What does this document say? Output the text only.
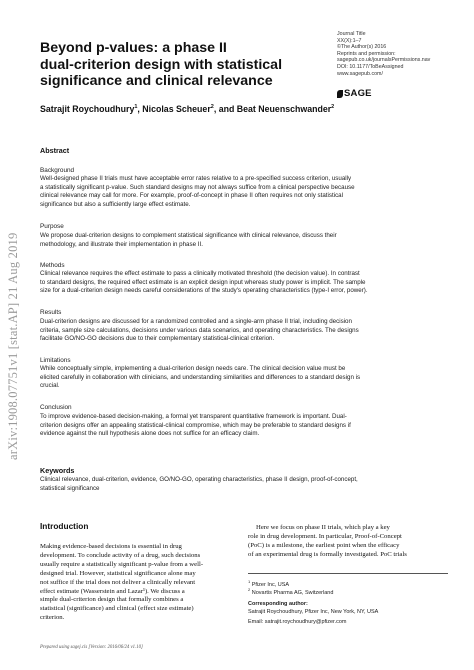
arXiv:1908.07751v1 [stat.AP] 21 Aug 2019
Beyond p-values: a phase II
dual-criterion design with statistical
significance and clinical relevance
Journal Title
XX(X):1–7
©The Author(s) 2016
Reprints and permission:
sagepub.co.uk/journalsPermissions.nav
DOI: 10.1177/ToBeAssigned
www.sagepub.com/
SAGE
Satrajit Roychoudhury$^1$, Nicolas Scheuer$^2$, and Beat Neuenschwander$^2$
Abstract
Background
Well-designed phase II trials must have acceptable error rates relative to a pre-specified success criterion, usually
a statistically significant p-value. Such standard designs may not always suffice from a clinical perspective because
clinical relevance may call for more. For example, proof-of-concept in phase II often requires not only statistical
significance but also a sufficiently large effect estimate.
Purpose
We propose dual-criterion designs to complement statistical significance with clinical relevance, discuss their
methodology, and illustrate their implementation in phase II.
Methods
Clinical relevance requires the effect estimate to pass a clinically motivated threshold (the decision value). In contrast
to standard designs, the required effect estimate is an explicit design input whereas study power is implicit. The sample
size for a dual-criterion design needs careful considerations of the study's operating characteristics (type-I error, power).
Results
Dual-criterion designs are discussed for a randomized controlled and a single-arm phase II trial, including decision
criteria, sample size calculations, decisions under various data scenarios, and operating characteristics. The designs
facilitate GO/NO-GO decisions due to their complementary statistical-clinical criterion.
Limitations
While conceptually simple, implementing a dual-criterion design needs care. The clinical decision value must be
elicited carefully in collaboration with clinicians, and understanding similarities and differences to a standard design is
crucial.
Conclusion
To improve evidence-based decision-making, a formal yet transparent quantitative framework is important. Dual-
criterion designs offer an appealing statistical-clinical compromise, which may be preferable to standard designs if
evidence against the null hypothesis alone does not suffice for an efficacy claim.
Keywords
Clinical relevance, dual-criterion, evidence, GO/NO-GO, operating characteristics, phase II design, proof-of-concept,
statistical significance
Introduction
Making evidence-based decisions is essential in drug
development. To conclude activity of a drug, such decisions
usually require a statistically significant p-value from a well-
designed trial. However, statistical significance alone may
not suffice if the trial does not deliver a clinically relevant
effect estimate (Wasserstein and Lazar¹). We discuss a
simple dual-criterion design that formally combines a
statistical (significance) and clinical (effect size estimate)
criterion.
Here we focus on phase II trials, which play a key
role in drug development. In particular, Proof-of-Concept
(PoC) is a milestone, the earliest point when the efficacy
of an experimental drug is formally investigated. PoC trials
$^1$ Pfizer Inc, USA
$^2$ Novartis Pharma AG, Switzerland
Corresponding author:
Satrajit Roychoudhury, Pfizer Inc, New York, NY, USA
Email: satrajit.roychoudhury@pfizer.com
Prepared using sagej.cls [Version: 2016/06/24 v1.10]
